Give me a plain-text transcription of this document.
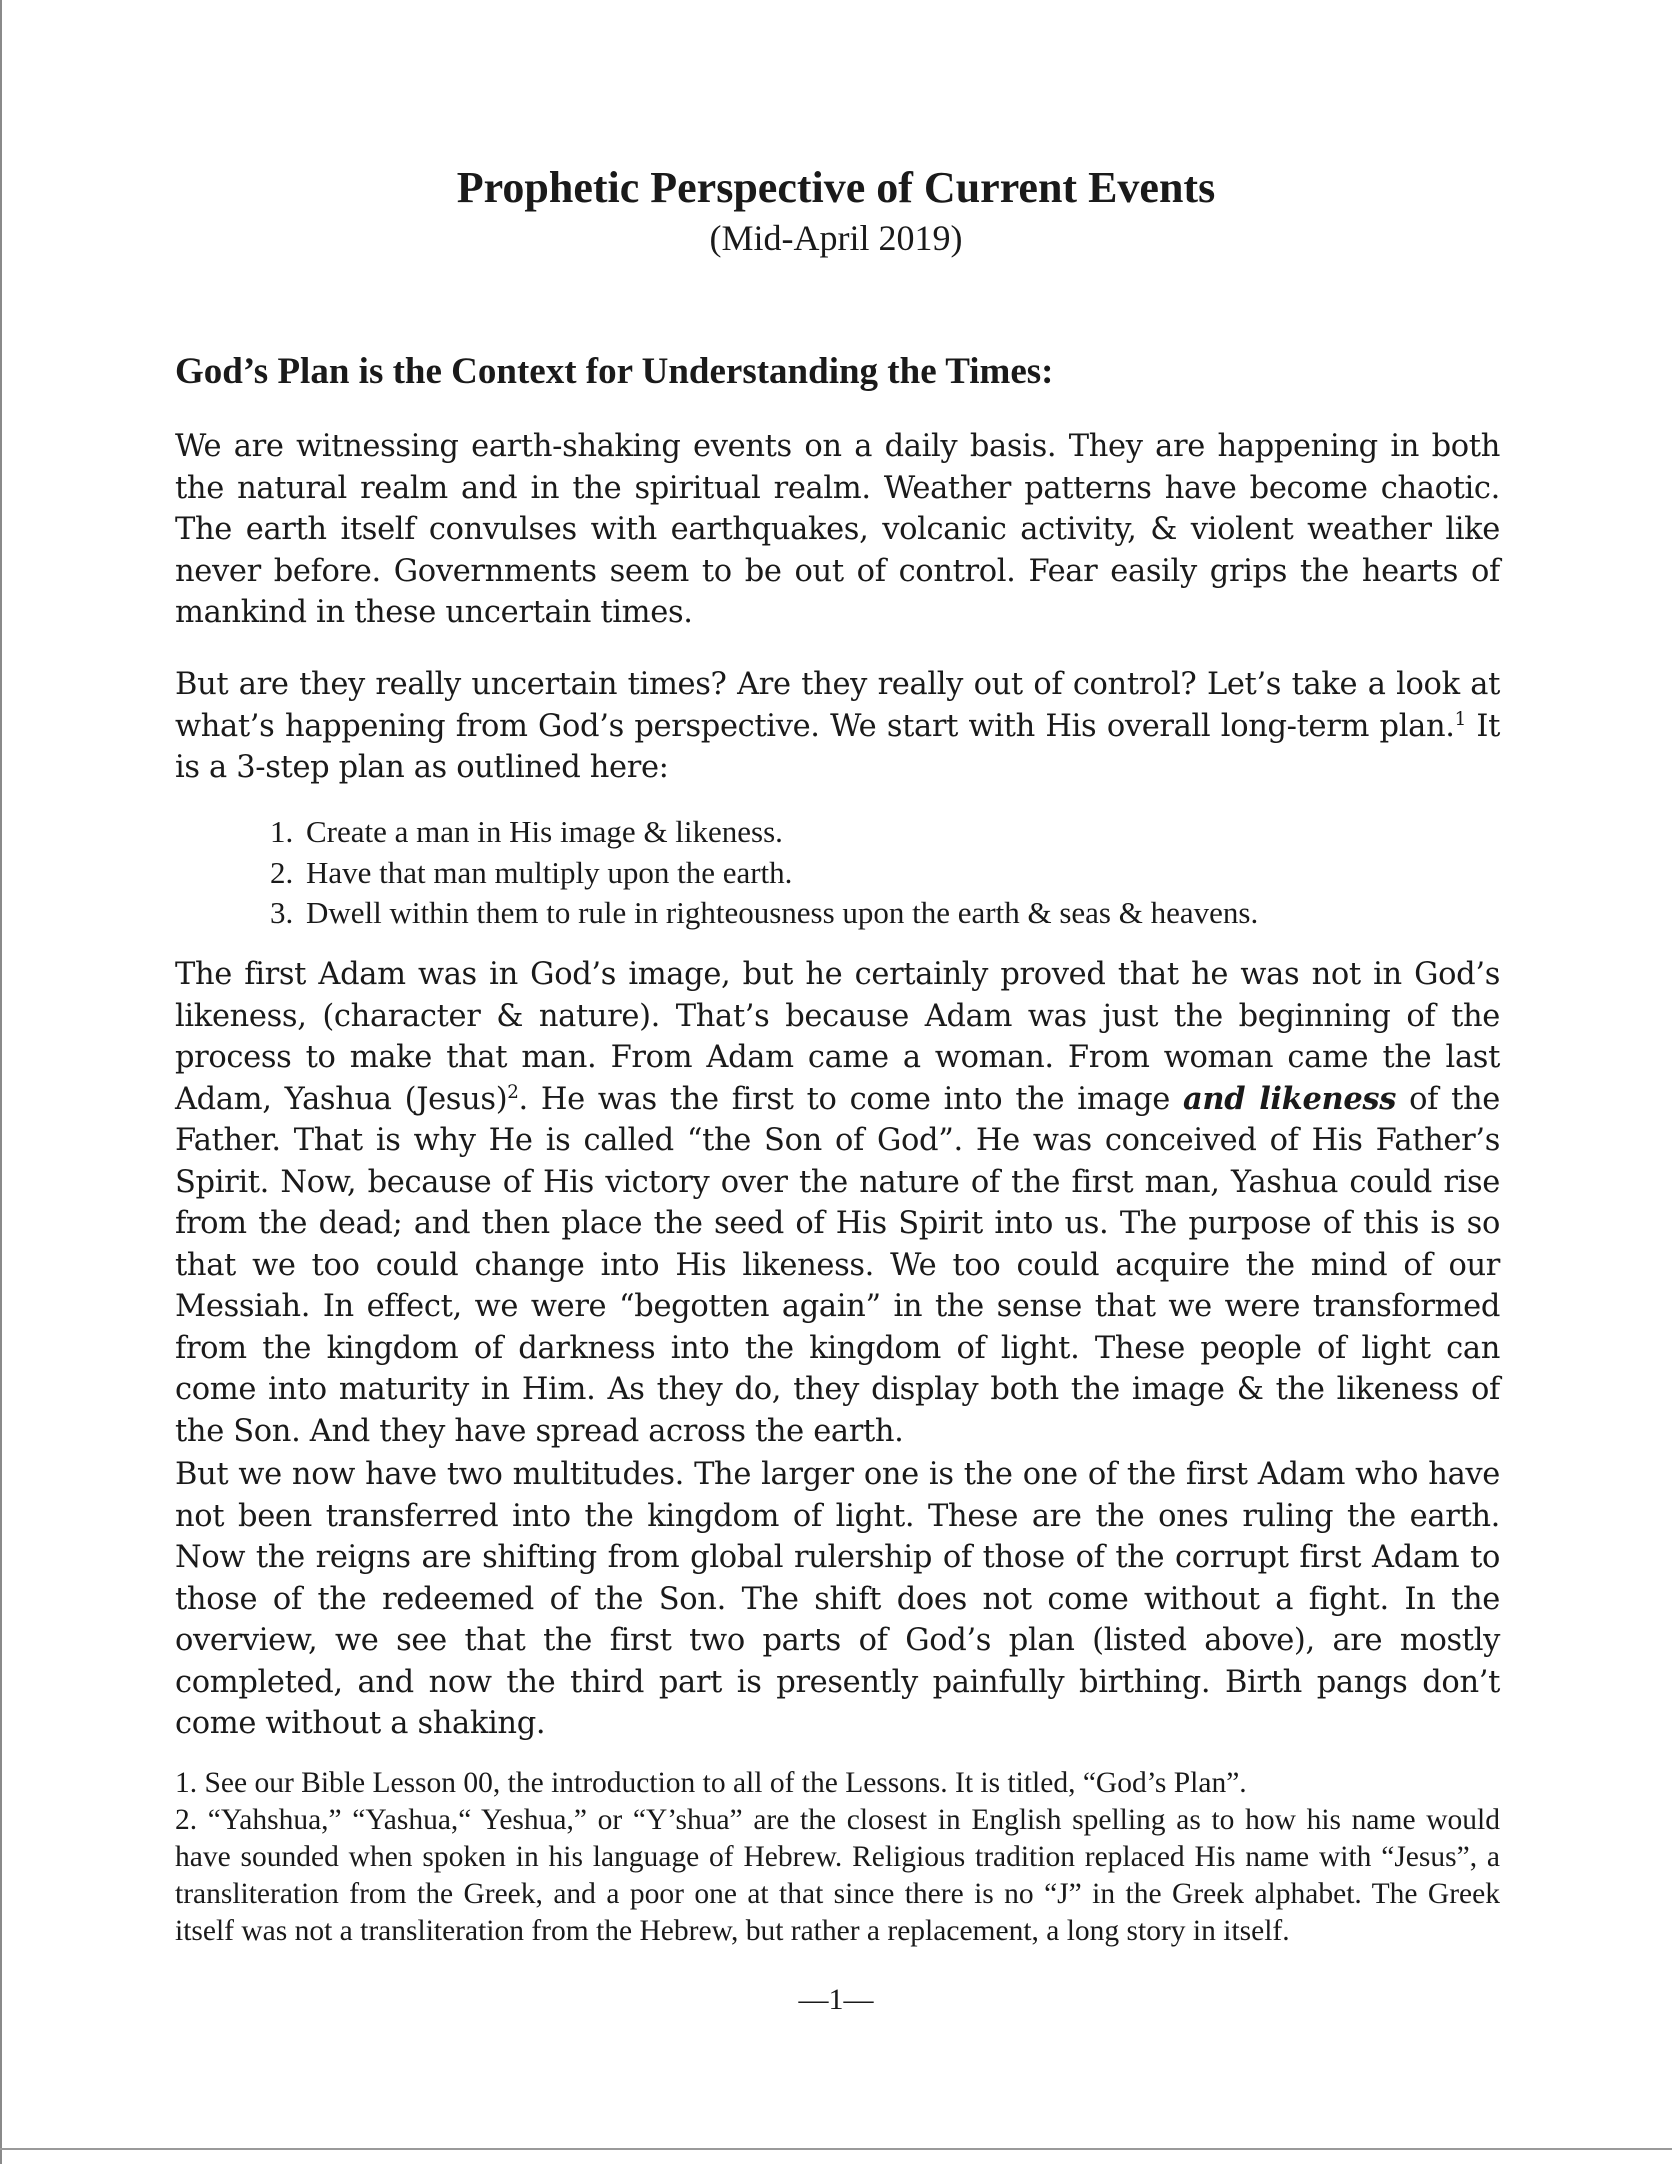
Prophetic Perspective of Current Events

(Mid-April 2019)

God’s Plan is the Context for Understanding the Times:

We are witnessing earth-shaking events on a daily basis. They are happening in both the natural realm and in the spiritual realm. Weather patterns have become chaotic. The earth itself convulses with earthquakes, volcanic activity, & violent weather like never before. Governments seem to be out of control. Fear easily grips the hearts of mankind in these uncertain times.

But are they really uncertain times? Are they really out of control? Let’s take a look at what’s happening from God’s perspective. We start with His overall long-term plan.$^1$ It is a 3-step plan as outlined here:

1. Create a man in His image & likeness.
2. Have that man multiply upon the earth.
3. Dwell within them to rule in righteousness upon the earth & seas & heavens.

The first Adam was in God’s image, but he certainly proved that he was not in God’s likeness, (character & nature). That’s because Adam was just the beginning of the process to make that man. From Adam came a woman. From woman came the last Adam, Yashua (Jesus)$^2$. He was the first to come into the image and likeness of the Father. That is why He is called “the Son of God”. He was conceived of His Father’s Spirit. Now, because of His victory over the nature of the first man, Yashua could rise from the dead; and then place the seed of His Spirit into us. The purpose of this is so that we too could change into His likeness. We too could acquire the mind of our Messiah. In effect, we were “begotten again” in the sense that we were transformed from the kingdom of darkness into the kingdom of light. These people of light can come into maturity in Him. As they do, they display both the image & the likeness of the Son. And they have spread across the earth.

But we now have two multitudes. The larger one is the one of the first Adam who have not been transferred into the kingdom of light. These are the ones ruling the earth. Now the reigns are shifting from global rulership of those of the corrupt first Adam to those of the redeemed of the Son. The shift does not come without a fight. In the overview, we see that the first two parts of God’s plan (listed above), are mostly completed, and now the third part is presently painfully birthing. Birth pangs don’t come without a shaking.

1. See our Bible Lesson 00, the introduction to all of the Lessons. It is titled, “God’s Plan”.

2. “Yahshua,” “Yashua,“ Yeshua,” or “Y’shua” are the closest in English spelling as to how his name would have sounded when spoken in his language of Hebrew. Religious tradition replaced His name with “Jesus”, a transliteration from the Greek, and a poor one at that since there is no “J” in the Greek alphabet. The Greek itself was not a transliteration from the Hebrew, but rather a replacement, a long story in itself.

—1—
